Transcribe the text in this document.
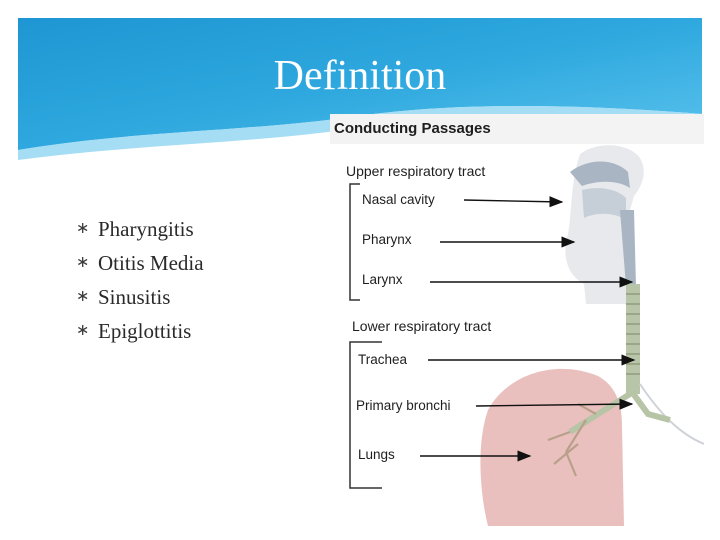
Definition
∗ Pharyngitis
∗ Otitis Media
∗ Sinusitis
∗ Epiglottitis
Conducting Passages
Upper respiratory tract
Nasal cavity
Pharynx
Larynx
Lower respiratory tract
Trachea
Primary bronchi
Lungs
